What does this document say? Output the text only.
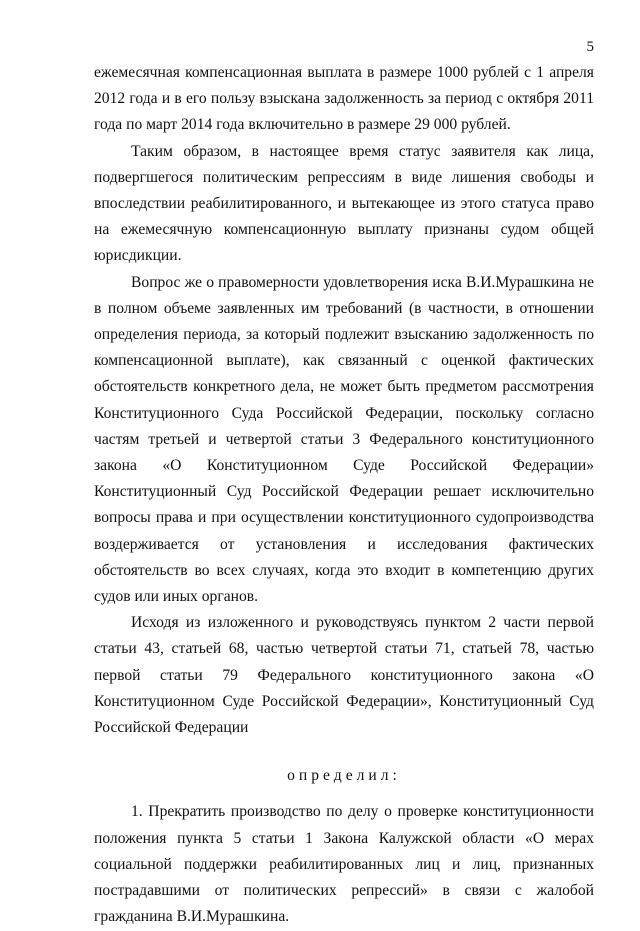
5

ежемесячная компенсационная выплата в размере 1000 рублей с 1 апреля 2012 года и в его пользу взыскана задолженность за период с октября 2011 года по март 2014 года включительно в размере 29 000 рублей.

Таким образом, в настоящее время статус заявителя как лица, подвергшегося политическим репрессиям в виде лишения свободы и впоследствии реабилитированного, и вытекающее из этого статуса право на ежемесячную компенсационную выплату признаны судом общей юрисдикции.

Вопрос же о правомерности удовлетворения иска В.И.Мурашкина не в полном объеме заявленных им требований (в частности, в отношении определения периода, за который подлежит взысканию задолженность по компенсационной выплате), как связанный с оценкой фактических обстоятельств конкретного дела, не может быть предметом рассмотрения Конституционного Суда Российской Федерации, поскольку согласно частям третьей и четвертой статьи 3 Федерального конституционного закона «О Конституционном Суде Российской Федерации» Конституционный Суд Российской Федерации решает исключительно вопросы права и при осуществлении конституционного судопроизводства воздерживается от установления и исследования фактических обстоятельств во всех случаях, когда это входит в компетенцию других судов или иных органов.

Исходя из изложенного и руководствуясь пунктом 2 части первой статьи 43, статьей 68, частью четвертой статьи 71, статьей 78, частью первой статьи 79 Федерального конституционного закона «О Конституционном Суде Российской Федерации», Конституционный Суд Российской Федерации

определил:

1. Прекратить производство по делу о проверке конституционности положения пункта 5 статьи 1 Закона Калужской области «О мерах социальной поддержки реабилитированных лиц и лиц, признанных пострадавшими от политических репрессий» в связи с жалобой гражданина В.И.Мурашкина.
